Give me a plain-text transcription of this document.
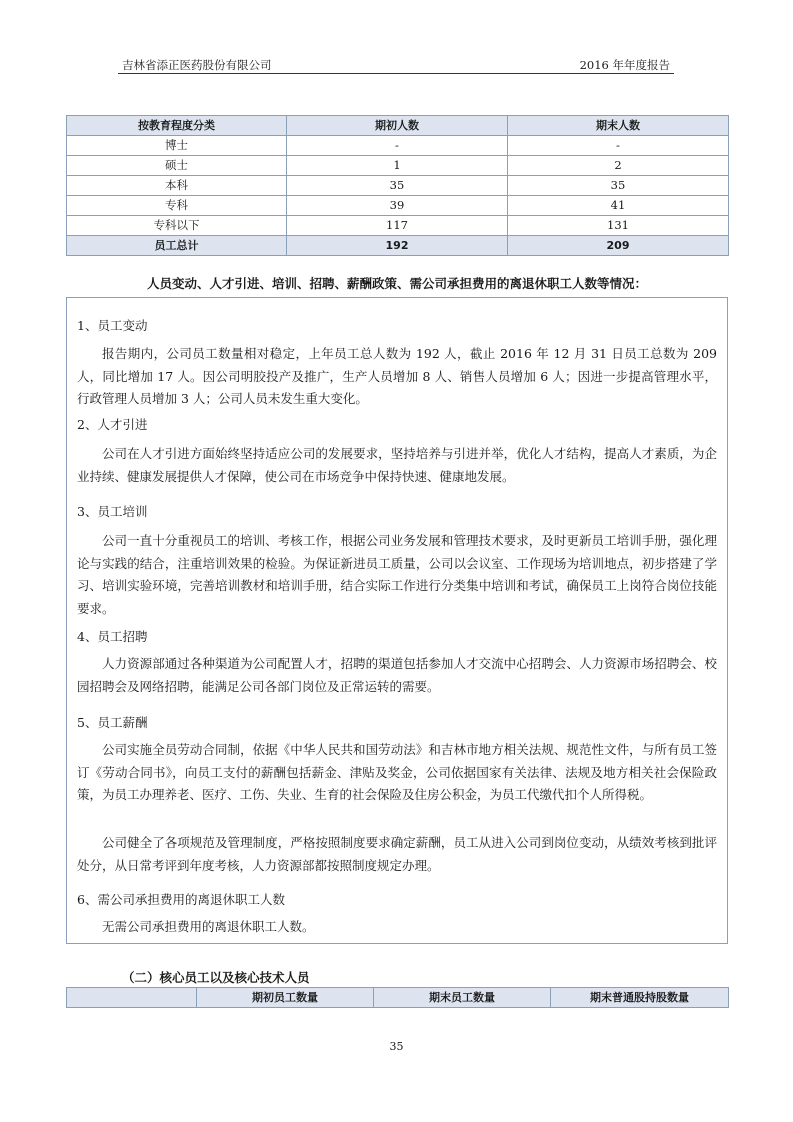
吉林省添正医药股份有限公司	2016 年年度报告
按教育程度分类	期初人数	期末人数
博士	-	-
硕士	1	2
本科	35	35
专科	39	41
专科以下	117	131
员工总计	192	209
人员变动、人才引进、培训、招聘、薪酬政策、需公司承担费用的离退休职工人数等情况：
1、员工变动
报告期内，公司员工数量相对稳定，上年员工总人数为 192 人，截止 2016 年 12 月 31 日员工总数为 209 人，同比增加 17 人。因公司明胶投产及推广，生产人员增加 8 人、销售人员增加 6 人；因进一步提高管理水平，行政管理人员增加 3 人；公司人员未发生重大变化。
2、人才引进
公司在人才引进方面始终坚持适应公司的发展要求，坚持培养与引进并举，优化人才结构，提高人才素质，为企业持续、健康发展提供人才保障，使公司在市场竞争中保持快速、健康地发展。
3、员工培训
公司一直十分重视员工的培训、考核工作，根据公司业务发展和管理技术要求，及时更新员工培训手册，强化理论与实践的结合，注重培训效果的检验。为保证新进员工质量，公司以会议室、工作现场为培训地点，初步搭建了学习、培训实验环境，完善培训教材和培训手册，结合实际工作进行分类集中培训和考试，确保员工上岗符合岗位技能要求。
4、员工招聘
人力资源部通过各种渠道为公司配置人才，招聘的渠道包括参加人才交流中心招聘会、人力资源市场招聘会、校园招聘会及网络招聘，能满足公司各部门岗位及正常运转的需要。
5、员工薪酬
公司实施全员劳动合同制，依据《中华人民共和国劳动法》和吉林市地方相关法规、规范性文件，与所有员工签订《劳动合同书》，向员工支付的薪酬包括薪金、津贴及奖金，公司依据国家有关法律、法规及地方相关社会保险政策，为员工办理养老、医疗、工伤、失业、生育的社会保险及住房公积金，为员工代缴代扣个人所得税。
公司健全了各项规范及管理制度，严格按照制度要求确定薪酬，员工从进入公司到岗位变动，从绩效考核到批评处分，从日常考评到年度考核，人力资源部都按照制度规定办理。
6、需公司承担费用的离退休职工人数
无需公司承担费用的离退休职工人数。
（二）核心员工以及核心技术人员
	期初员工数量	期末员工数量	期末普通股持股数量
35
